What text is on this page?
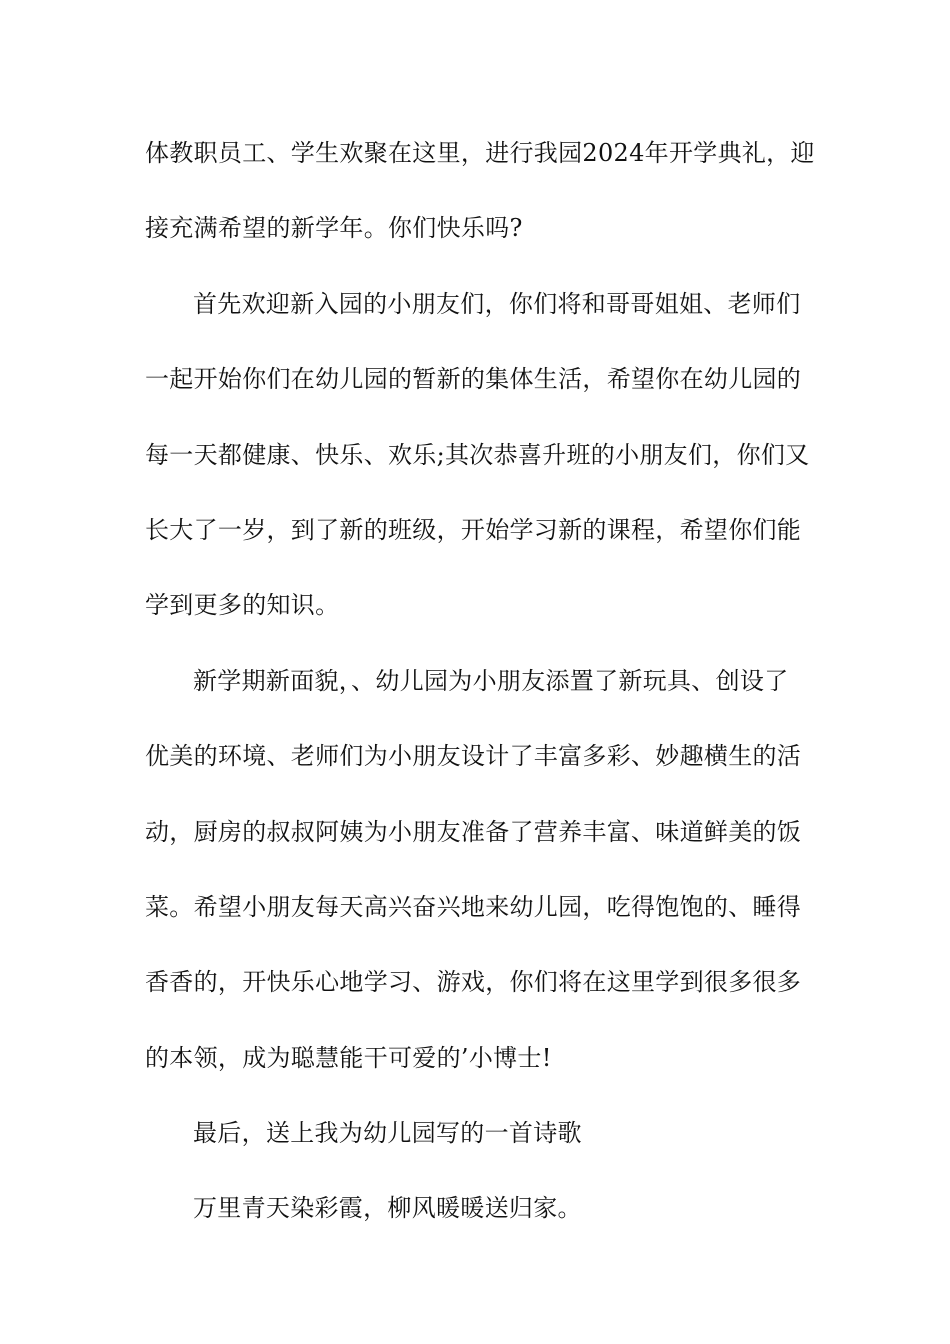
体教职员工、学生欢聚在这里，进行我园2024年开学典礼，迎
接充满希望的新学年。你们快乐吗?
首先欢迎新入园的小朋友们，你们将和哥哥姐姐、老师们
一起开始你们在幼儿园的暂新的集体生活，希望你在幼儿园的
每一天都健康、快乐、欢乐;其次恭喜升班的小朋友们，你们又
长大了一岁，到了新的班级，开始学习新的课程，希望你们能
学到更多的知识。
新学期新面貌，、幼儿园为小朋友添置了新玩具、创设了
优美的环境、老师们为小朋友设计了丰富多彩、妙趣横生的活
动，厨房的叔叔阿姨为小朋友准备了营养丰富、味道鲜美的饭
菜。希望小朋友每天高兴奋兴地来幼儿园，吃得饱饱的、睡得
香香的，开快乐心地学习、游戏，你们将在这里学到很多很多
的本领，成为聪慧能干可爱的’小博士!
最后，送上我为幼儿园写的一首诗歌
万里青天染彩霞，柳风暖暖送归家。
